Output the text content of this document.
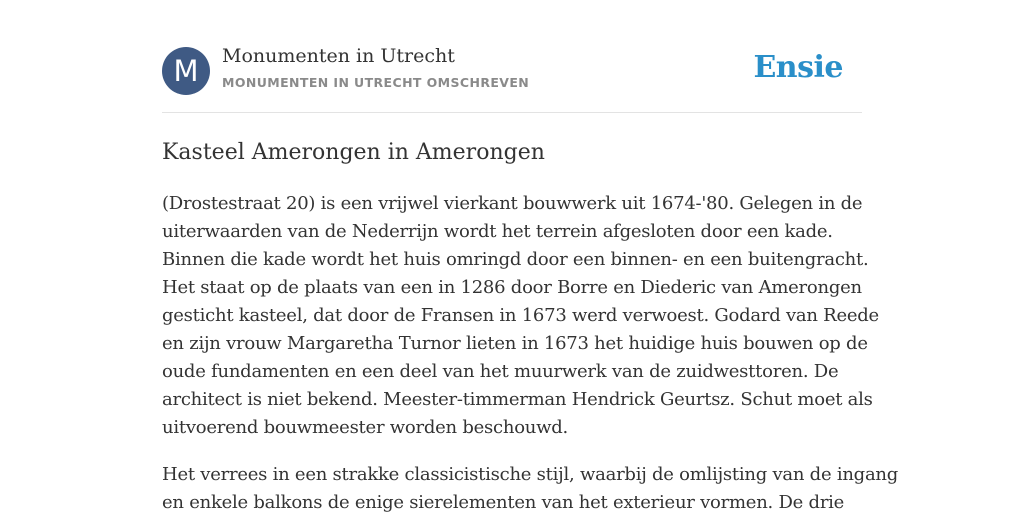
M	Monumenten in Utrecht
MONUMENTEN IN UTRECHT OMSCHREVEN	Ensie
Kasteel Amerongen in Amerongen

(Drostestraat 20) is een vrijwel vierkant bouwwerk uit 1674-'80. Gelegen in de
uiterwaarden van de Nederrijn wordt het terrein afgesloten door een kade.
Binnen die kade wordt het huis omringd door een binnen- en een buitengracht.
Het staat op de plaats van een in 1286 door Borre en Diederic van Amerongen
gesticht kasteel, dat door de Fransen in 1673 werd verwoest. Godard van Reede
en zijn vrouw Margaretha Turnor lieten in 1673 het huidige huis bouwen op de
oude fundamenten en een deel van het muurwerk van de zuidwesttoren. De
architect is niet bekend. Meester-timmerman Hendrick Geurtsz. Schut moet als
uitvoerend bouwmeester worden beschouwd.

Het verrees in een strakke classicistische stijl, waarbij de omlijsting van de ingang
en enkele balkons de enige sierelementen van het exterieur vormen. De drie
